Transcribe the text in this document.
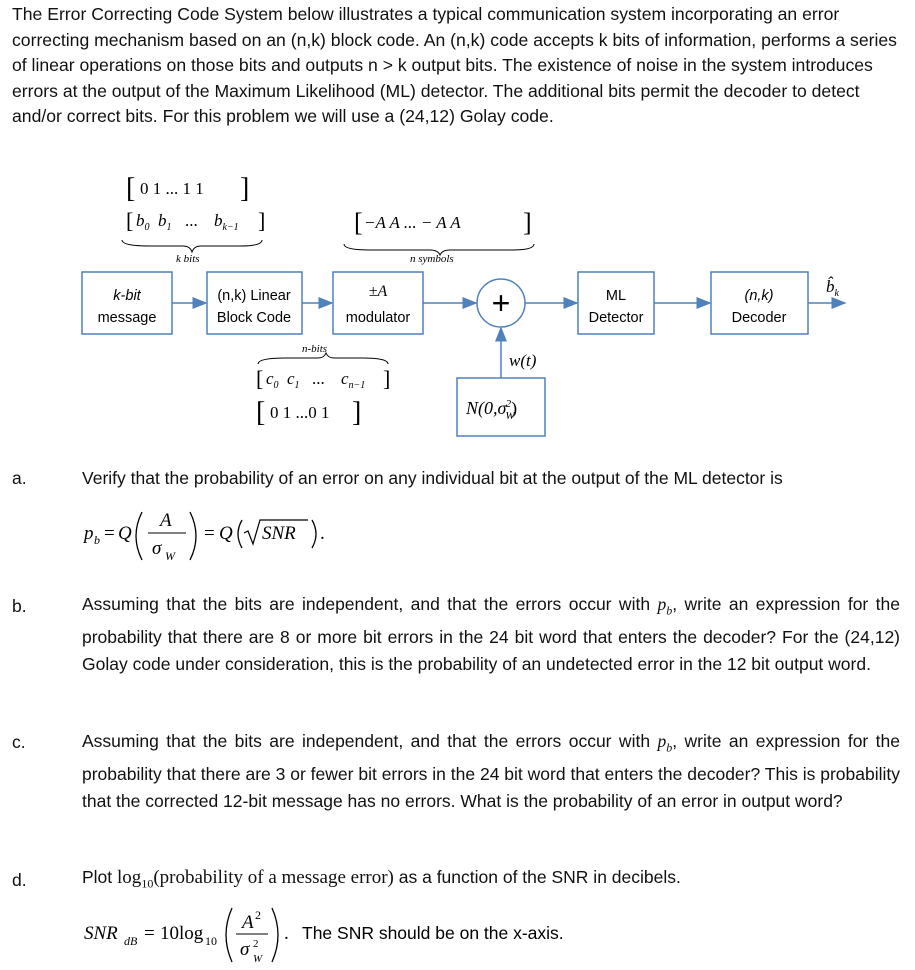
The Error Correcting Code System below illustrates a typical communication system incorporating an error correcting mechanism based on an (n,k) block code. An (n,k) code accepts k bits of information, performs a series of linear operations on those bits and outputs n > k output bits. The existence of noise in the system introduces errors at the output of the Maximum Likelihood (ML) detector. The additional bits permit the decoder to detect and/or correct bits. For this problem we will use a (24,12) Golay code.

[ 0 1 ... 1 1 ]
[ $b_0$ $b_1$ ... $b_{k-1}$ ]
k bits
[ −A A ... − A A ]
n symbols
k-bit
message
(n,k) Linear
Block Code
±A
modulator
ML
Detector
(n,k)
Decoder
+	$b̂_k$
w(t)
N(0,σW2)
n-bits
[ $c_0$ $c_1$ ... $c_{n-1}$ ]
[ 0 1 ...0 1 ]
a.	Verify that the probability of an error on any individual bit at the output of the ML detector is

p b = Q
A
σ W
= Q SNR .
b.	Assuming that the bits are independent, and that the errors occur with $p_b$, write an expression for the probability that there are 8 or more bit errors in the 24 bit word that enters the decoder? For the (24,12) Golay code under consideration, this is the probability of an undetected error in the 12 bit output word.

c.	Assuming that the bits are independent, and that the errors occur with $p_b$, write an expression for the probability that there are 3 or fewer bit errors in the 24 bit word that enters the decoder? This is probability that the corrected 12-bit message has no errors. What is the probability of an error in output word?

d.	Plot $\log_{10}(probability$ of a message error) as a function of the SNR in decibels.

SNR dB = 10 log 10
A 2
σ 2
W
. The SNR should be on the x-axis.
